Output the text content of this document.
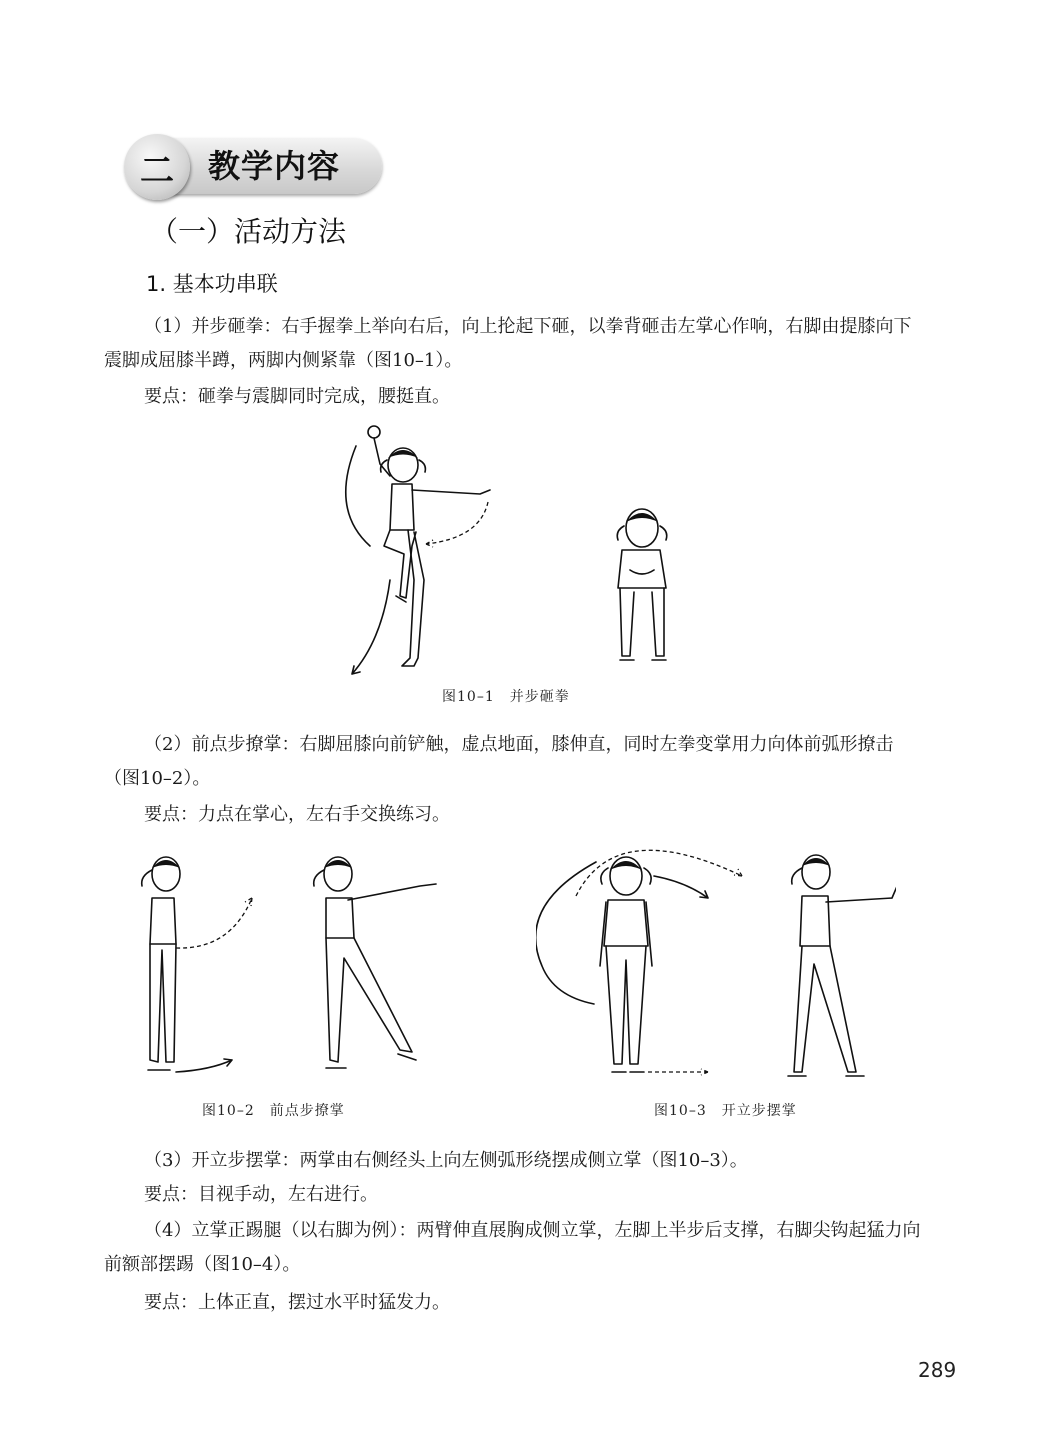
二 教学内容
（一）活动方法
1. 基本功串联
（1）并步砸拳：右手握拳上举向右后，向上抡起下砸，以拳背砸击左掌心作响，右脚由提膝向下震脚成屈膝半蹲，两脚内侧紧靠（图10–1）。
要点：砸拳与震脚同时完成，腰挺直。
图10–1　并步砸拳
（2）前点步撩掌：右脚屈膝向前铲触，虚点地面，膝伸直，同时左拳变掌用力向体前弧形撩击（图10–2）。
要点：力点在掌心，左右手交换练习。
图10–2　前点步撩掌	图10–3　开立步摆掌
（3）开立步摆掌：两掌由右侧经头上向左侧弧形绕摆成侧立掌（图10–3）。
要点：目视手动，左右进行。
（4）立掌正踢腿（以右脚为例）：两臂伸直展胸成侧立掌，左脚上半步后支撑，右脚尖钩起猛力向前额部摆踢（图10–4）。
要点：上体正直，摆过水平时猛发力。
289
